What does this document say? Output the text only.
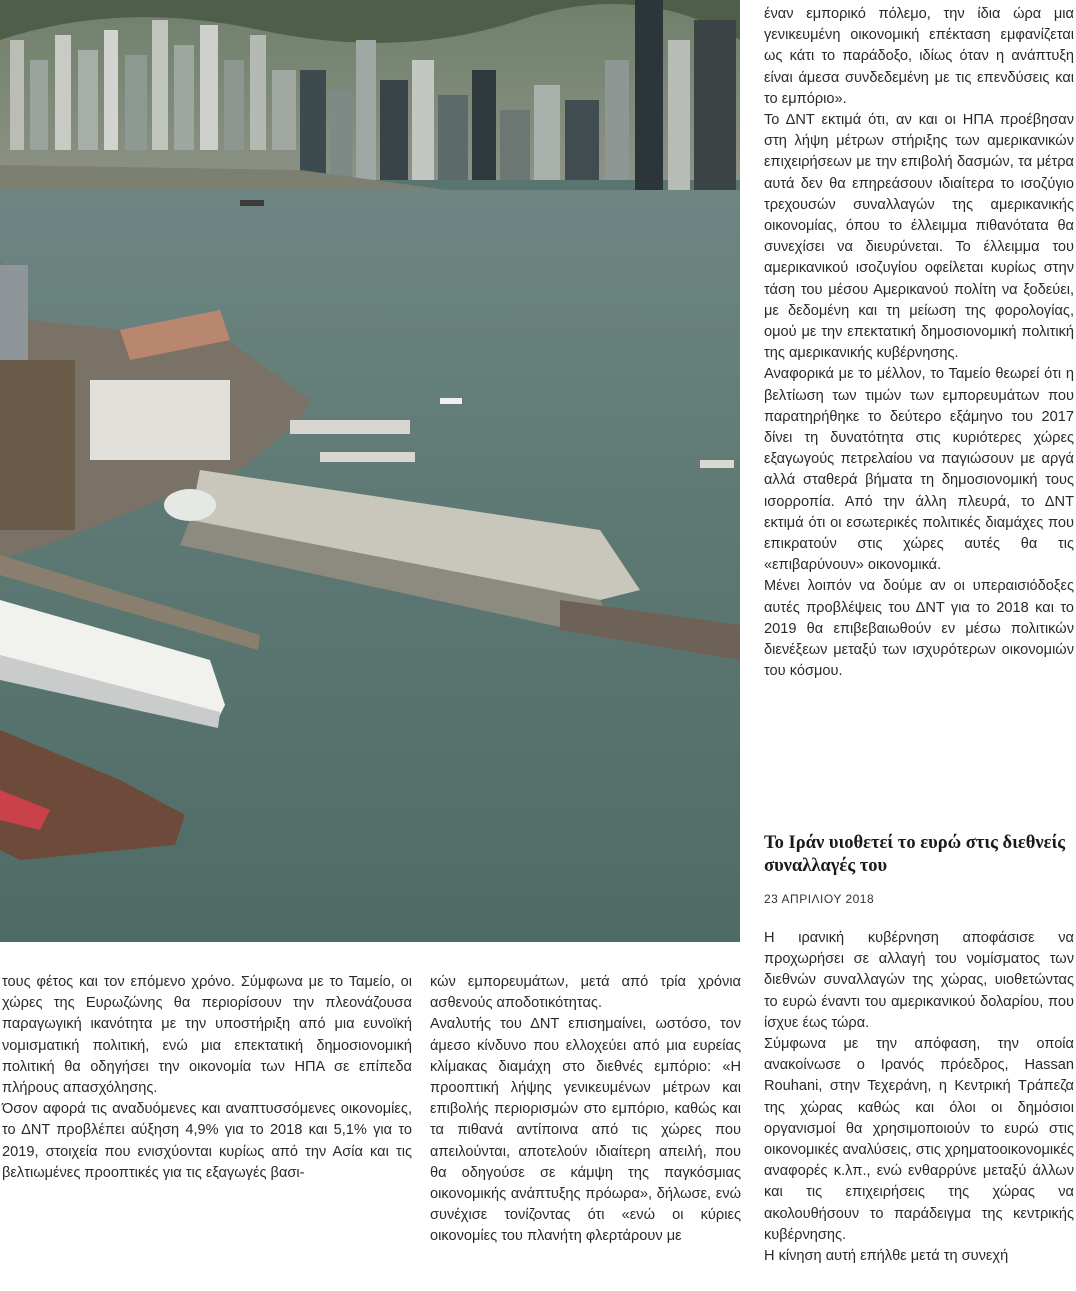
έναν εμπορικό πόλεμο, την ίδια ώρα μια γενικευμένη οικονομική επέκταση εμφανίζεται ως κάτι το παράδοξο, ιδίως όταν η ανάπτυξη είναι άμεσα συνδεδεμένη με τις επενδύσεις και το εμπόριο».

Το ΔΝΤ εκτιμά ότι, αν και οι ΗΠΑ προέβησαν στη λήψη μέτρων στήριξης των αμερικανικών επιχειρήσεων με την επιβολή δασμών, τα μέτρα αυτά δεν θα επηρεάσουν ιδιαίτερα το ισοζύγιο τρεχουσών συναλλαγών της αμερικανικής οικονομίας, όπου το έλλειμμα πιθανότατα θα συνεχίσει να διευρύνεται. Το έλλειμμα του αμερικανικού ισοζυγίου οφείλεται κυρίως στην τάση του μέσου Αμερικανού πολίτη να ξοδεύει, με δεδομένη και τη μείωση της φορολογίας, ομού με την επεκτατική δημοσιονομική πολιτική της αμερικανικής κυβέρνησης.

Αναφορικά με το μέλλον, το Ταμείο θεωρεί ότι η βελτίωση των τιμών των εμπορευμάτων που παρατηρήθηκε το δεύτερο εξάμηνο του 2017 δίνει τη δυνατότητα στις κυριότερες χώρες εξαγωγούς πετρελαίου να παγιώσουν με αργά αλλά σταθερά βήματα τη δημοσιονομική τους ισορροπία. Από την άλλη πλευρά, το ΔΝΤ εκτιμά ότι οι εσωτερικές πολιτικές διαμάχες που επικρατούν στις χώρες αυτές θα τις «επιβαρύνουν» οικονομικά.

Μένει λοιπόν να δούμε αν οι υπεραισιόδοξες αυτές προβλέψεις του ΔΝΤ για το 2018 και το 2019 θα επιβεβαιωθούν εν μέσω πολιτικών διενέξεων μεταξύ των ισχυρότερων οικονομιών του κόσμου.

Το Ιράν υιοθετεί το ευρώ στις διεθνείς συναλλαγές του

23 ΑΠΡΙΛΙΟΥ 2018

Η ιρανική κυβέρνηση αποφάσισε να προχωρήσει σε αλλαγή του νομίσματος των διεθνών συναλλαγών της χώρας, υιοθετώντας το ευρώ έναντι του αμερικανικού δολαρίου, που ίσχυε έως τώρα.

Σύμφωνα με την απόφαση, την οποία ανακοίνωσε ο Ιρανός πρόεδρος, Hassan Rouhani, στην Τεχεράνη, η Κεντρική Τράπεζα της χώρας καθώς και όλοι οι δημόσιοι οργανισμοί θα χρησιμοποιούν το ευρώ στις οικονομικές αναλύσεις, στις χρηματοοικονομικές αναφορές κ.λπ., ενώ ενθαρρύνε μεταξύ άλλων και τις επιχειρήσεις της χώρας να ακολουθήσουν το παράδειγμα της κεντρικής κυβέρνησης.

Η κίνηση αυτή επήλθε μετά τη συνεχή

τους φέτος και τον επόμενο χρόνο. Σύμφωνα με το Ταμείο, οι χώρες της Ευρωζώνης θα περιορίσουν την πλεονάζουσα παραγωγική ικανότητα με την υποστήριξη από μια ευνοϊκή νομισματική πολιτική, ενώ μια επεκτατική δημοσιονομική πολιτική θα οδηγήσει την οικονομία των ΗΠΑ σε επίπεδα πλήρους απασχόλησης.

Όσον αφορά τις αναδυόμενες και αναπτυσσόμενες οικονομίες, το ΔΝΤ προβλέπει αύξηση 4,9% για το 2018 και 5,1% για το 2019, στοιχεία που ενισχύονται κυρίως από την Ασία και τις βελτιωμένες προοπτικές για τις εξαγωγές βασι-

κών εμπορευμάτων, μετά από τρία χρόνια ασθενούς αποδοτικότητας.

Αναλυτής του ΔΝΤ επισημαίνει, ωστόσο, τον άμεσο κίνδυνο που ελλοχεύει από μια ευρείας κλίμακας διαμάχη στο διεθνές εμπόριο: «Η προοπτική λήψης γενικευμένων μέτρων και επιβολής περιορισμών στο εμπόριο, καθώς και τα πιθανά αντίποινα από τις χώρες που απειλούνται, αποτελούν ιδιαίτερη απειλή, που θα οδηγούσε σε κάμψη της παγκόσμιας οικονομικής ανάπτυξης πρόωρα», δήλωσε, ενώ συνέχισε τονίζοντας ότι «ενώ οι κύριες οικονομίες του πλανήτη φλερτάρουν με
